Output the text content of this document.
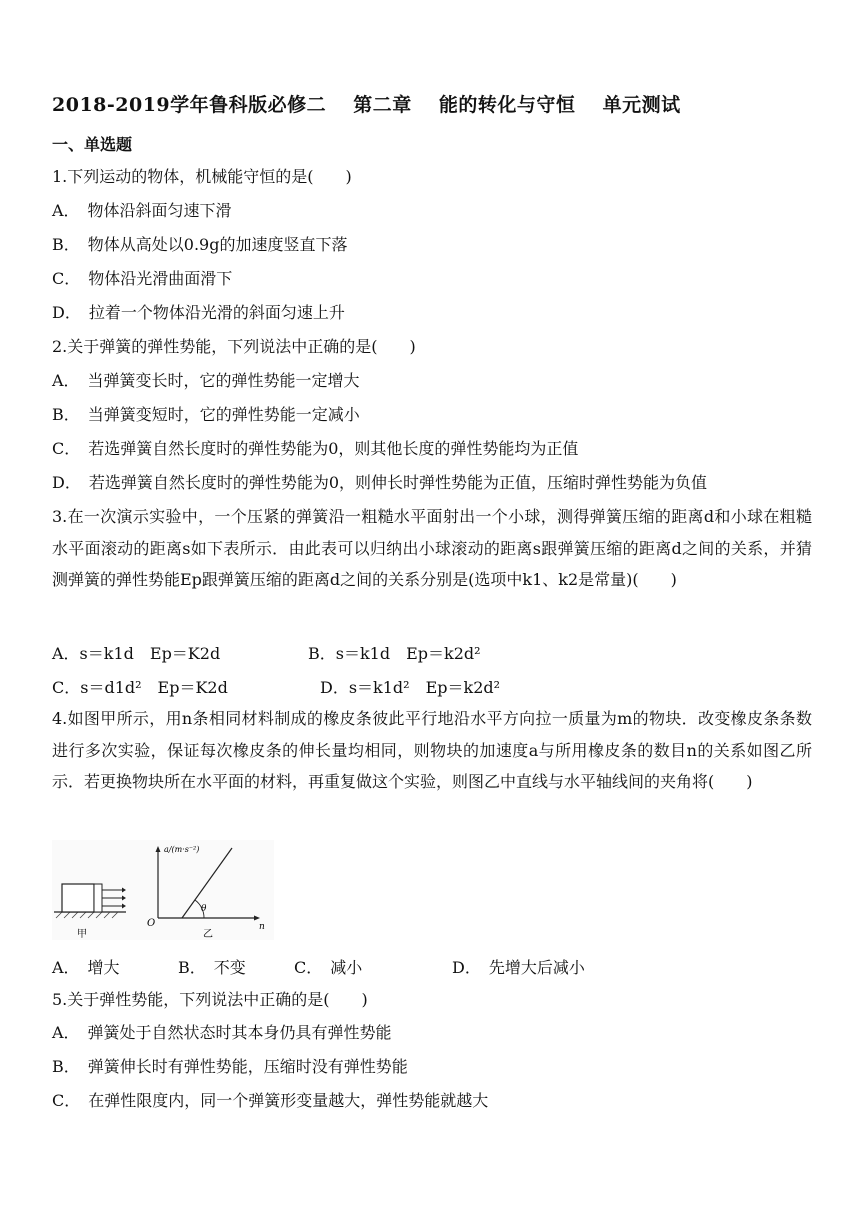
2018-2019学年鲁科版必修二 第二章 能的转化与守恒 单元测试
一、单选题
1.下列运动的物体，机械能守恒的是(　　)
A．　物体沿斜面匀速下滑
B．　物体从高处以0.9g的加速度竖直下落
C．　物体沿光滑曲面滑下
D．　拉着一个物体沿光滑的斜面匀速上升
2.关于弹簧的弹性势能，下列说法中正确的是(　　)
A．　当弹簧变长时，它的弹性势能一定增大
B．　当弹簧变短时，它的弹性势能一定减小
C．　若选弹簧自然长度时的弹性势能为0，则其他长度的弹性势能均为正值
D．　若选弹簧自然长度时的弹性势能为0，则伸长时弹性势能为正值，压缩时弹性势能为负值
3.在一次演示实验中，一个压紧的弹簧沿一粗糙水平面射出一个小球，测得弹簧压缩的距离d和小球在粗糙水平面滚动的距离s如下表所示．由此表可以归纳出小球滚动的距离s跟弹簧压缩的距离d之间的关系，并猜测弹簧的弹性势能Ep跟弹簧压缩的距离d之间的关系分别是(选项中k1、k2是常量)(　　)
A．s＝k1d　Ep＝K2d	B．s＝k1d　Ep＝k2d²
C．s＝d1d²　Ep＝K2d	D．s＝k1d²　Ep＝k2d²
4.如图甲所示，用n条相同材料制成的橡皮条彼此平行地沿水平方向拉一质量为m的物块．改变橡皮条条数进行多次实验，保证每次橡皮条的伸长量均相同，则物块的加速度a与所用橡皮条的数目n的关系如图乙所示．若更换物块所在水平面的材料，再重复做这个实验，则图乙中直线与水平轴线间的夹角将(　　)
甲
θ
O	n
a/(m·s⁻²)
乙
A．　增大	B．　不变	C．　减小	D．　先增大后减小
5.关于弹性势能，下列说法中正确的是(　　)
A．　弹簧处于自然状态时其本身仍具有弹性势能
B．　弹簧伸长时有弹性势能，压缩时没有弹性势能
C．　在弹性限度内，同一个弹簧形变量越大，弹性势能就越大
